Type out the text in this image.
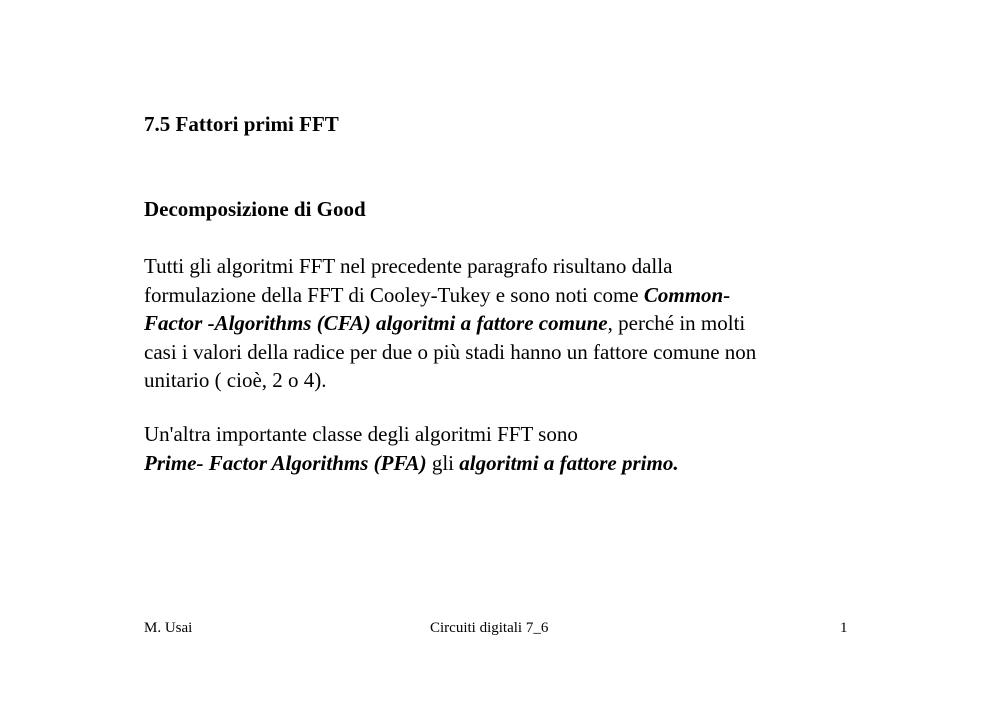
7.5 Fattori primi FFT
Decomposizione di Good
Tutti gli algoritmi FFT nel precedente paragrafo risultano dalla
formulazione della FFT di Cooley-Tukey e sono noti come Common-
Factor -Algorithms (CFA) algoritmi a fattore comune, perché in molti
casi i valori della radice per due o più stadi hanno un fattore comune non
unitario ( cioè, 2 o 4).
Un'altra importante classe degli algoritmi FFT sono
Prime- Factor Algorithms (PFA) gli algoritmi a fattore primo.
M. Usai	Circuiti digitali 7_6	1
